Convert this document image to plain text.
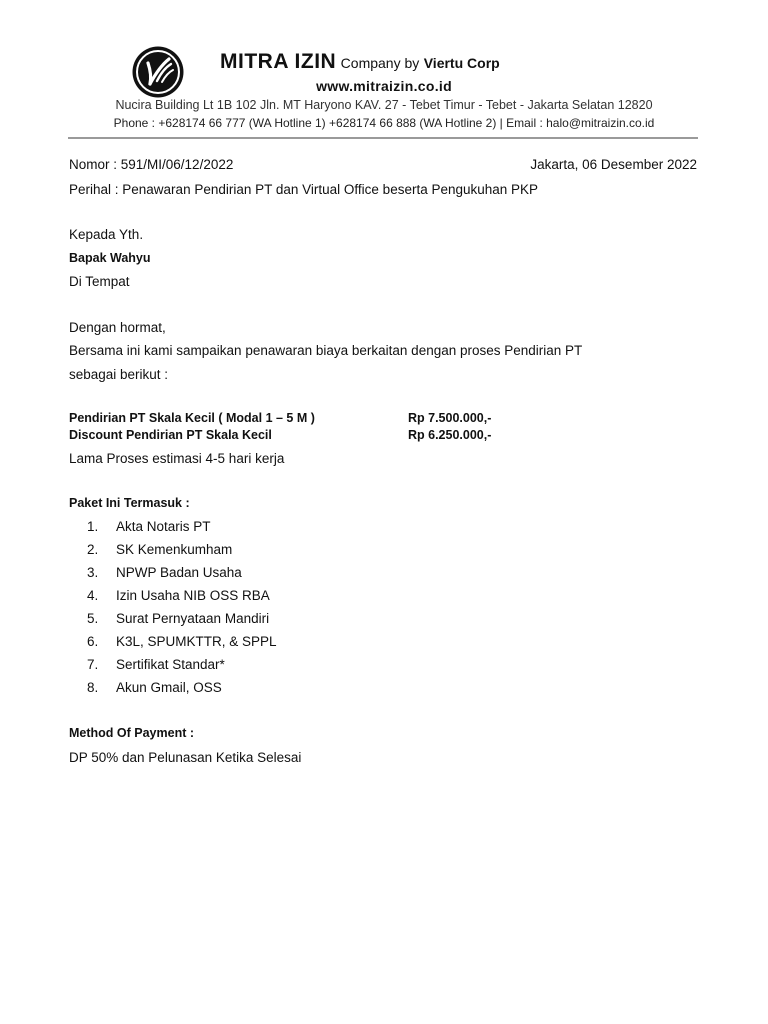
MITRA IZIN Company by Viertu Corp
www.mitraizin.co.id
Nucira Building Lt 1B 102 Jln. MT Haryono KAV. 27 - Tebet Timur - Tebet - Jakarta Selatan 12820
Phone : +628174 66 777 (WA Hotline 1) +628174 66 888 (WA Hotline 2) | Email : halo@mitraizin.co.id
Nomor : 591/MI/06/12/2022	Jakarta, 06 Desember 2022
Perihal : Penawaran Pendirian PT dan Virtual Office beserta Pengukuhan PKP
Kepada Yth.
Bapak Wahyu
Di Tempat
Dengan hormat,
Bersama ini kami sampaikan penawaran biaya berkaitan dengan proses Pendirian PT
sebagai berikut :
Pendirian PT Skala Kecil ( Modal 1 – 5 M )	Rp 7.500.000,-
Discount Pendirian PT Skala Kecil	Rp 6.250.000,-
Lama Proses estimasi 4-5 hari kerja
Paket Ini Termasuk :
1. Akta Notaris PT
2. SK Kemenkumham
3. NPWP Badan Usaha
4. Izin Usaha NIB OSS RBA
5. Surat Pernyataan Mandiri
6. K3L, SPUMKTTR, & SPPL
7. Sertifikat Standar*
8. Akun Gmail, OSS
Method Of Payment :
DP 50% dan Pelunasan Ketika Selesai
